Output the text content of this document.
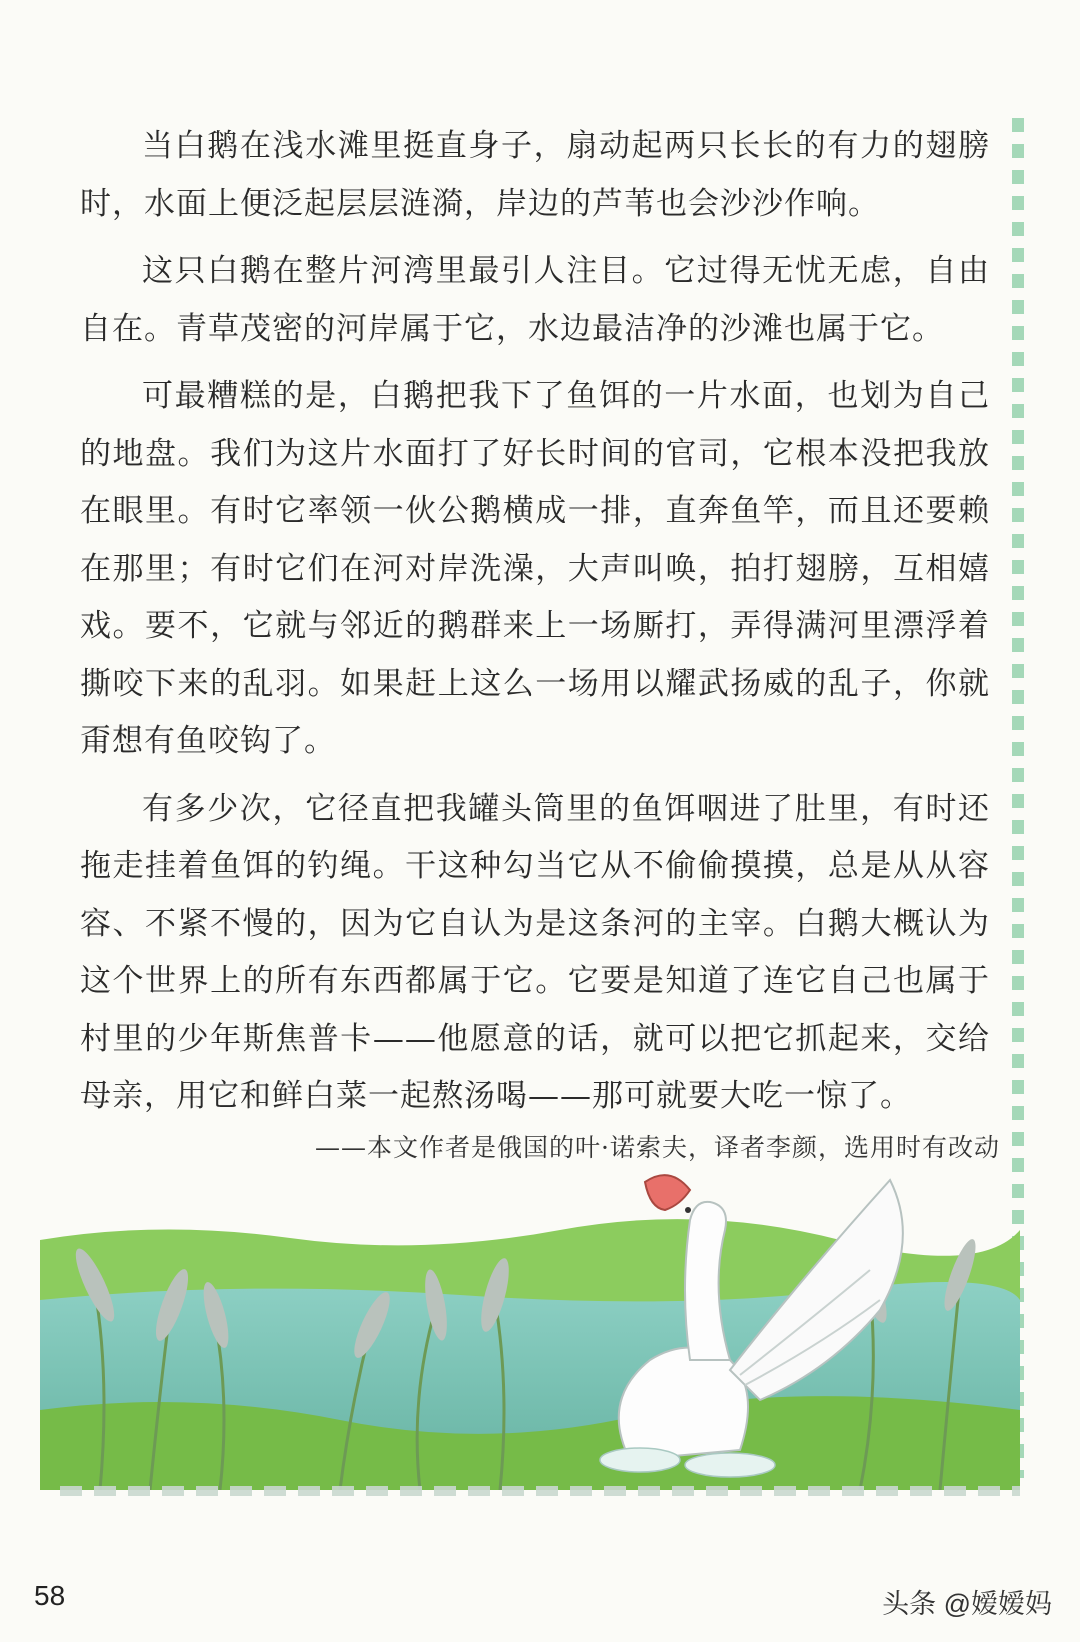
当白鹅在浅水滩里挺直身子，扇动起两只长长的有力的翅膀时，水面上便泛起层层涟漪，岸边的芦苇也会沙沙作响。

这只白鹅在整片河湾里最引人注目。它过得无忧无虑，自由自在。青草茂密的河岸属于它，水边最洁净的沙滩也属于它。

可最糟糕的是，白鹅把我下了鱼饵的一片水面，也划为自己的地盘。我们为这片水面打了好长时间的官司，它根本没把我放在眼里。有时它率领一伙公鹅横成一排，直奔鱼竿，而且还要赖在那里；有时它们在河对岸洗澡，大声叫唤，拍打翅膀，互相嬉戏。要不，它就与邻近的鹅群来上一场厮打，弄得满河里漂浮着撕咬下来的乱羽。如果赶上这么一场用以耀武扬威的乱子，你就甭想有鱼咬钩了。

有多少次，它径直把我罐头筒里的鱼饵咽进了肚里，有时还拖走挂着鱼饵的钓绳。干这种勾当它从不偷偷摸摸，总是从从容容、不紧不慢的，因为它自认为是这条河的主宰。白鹅大概认为这个世界上的所有东西都属于它。它要是知道了连它自己也属于村里的少年斯焦普卡——他愿意的话，就可以把它抓起来，交给母亲，用它和鲜白菜一起熬汤喝——那可就要大吃一惊了。

——本文作者是俄国的叶·诺索夫，译者李颜，选用时有改动
58	头条 @嫒嫒妈
